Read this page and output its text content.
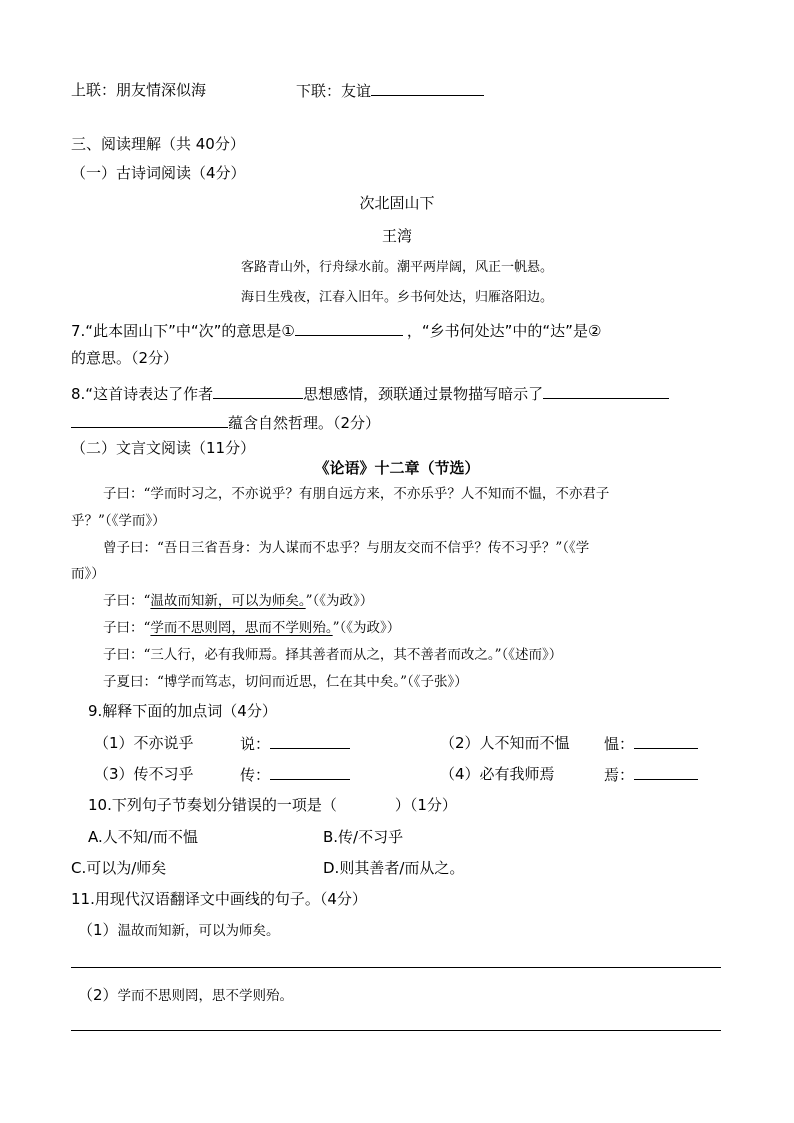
上联：朋友情深似海	下联：友谊
三、阅读理解（共 40分）
（一）古诗词阅读（4分）
次北固山下
王湾
客路青山外，行舟绿水前。潮平两岸阔，风正一帆悬。
海日生残夜，江春入旧年。乡书何处达，归雁洛阳边。
7.“此本固山下”中“次”的意思是①	，“乡书何处达”中的“达”是②
的意思。（2分）
8.“这首诗表达了作者	思想感情，颈联通过景物描写暗示了
蕴含自然哲理。（2分）
（二）文言文阅读（11分）
《论语》十二章（节选）
子曰：“学而时习之，不亦说乎？有朋自远方来，不亦乐乎？人不知而不愠，不亦君子
乎？”（《学而》）
曾子曰：“吾日三省吾身：为人谋而不忠乎？与朋友交而不信乎？传不习乎？”（《学
而》）
子曰：“温故而知新，可以为师矣。”（《为政》）
子曰：“学而不思则罔，思而不学则殆。”（《为政》）
子曰：“三人行，必有我师焉。择其善者而从之，其不善者而改之。”（《述而》）
子夏曰：“博学而笃志，切问而近思，仁在其中矣。”（《子张》）
9.解释下面的加点词（4分）
（1）不亦说乎	说：	（2）人不知而不愠 愠：
（3）传不习乎	传：	（4）必有我师焉	焉：
10.下列句子节奏划分错误的一项是（	）（1分）
A.人不知/而不愠	B.传/不习乎
C.可以为/师矣	D.则其善者/而从之。
11.用现代汉语翻译文中画线的句子。（4分）
（1）温故而知新，可以为师矣。
（2）学而不思则罔，思不学则殆。
